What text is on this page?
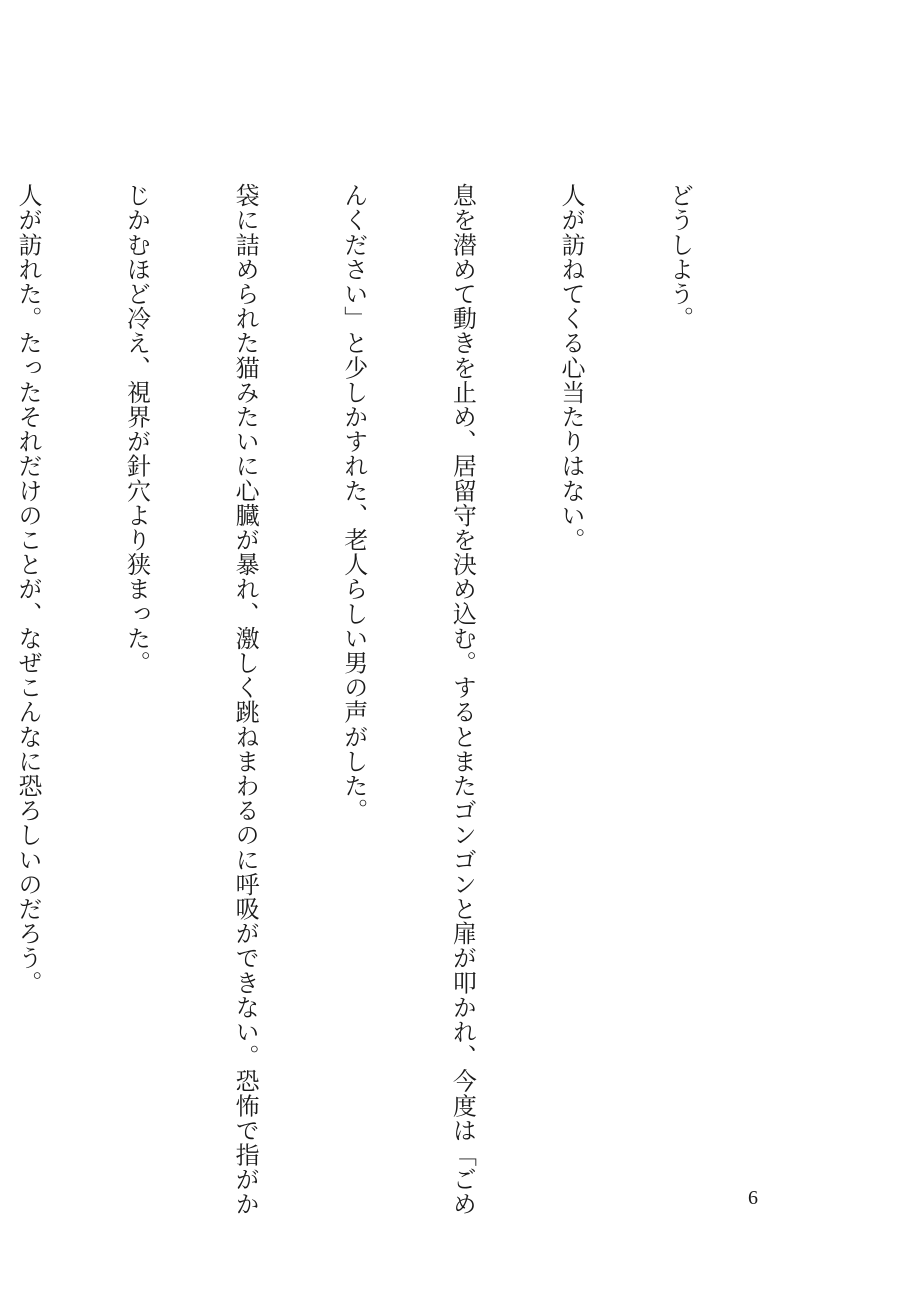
どうしよう。

人が訪ねてくる心当たりはない。

息を潜めて動きを止め、居留守を決め込む。するとまたゴンゴンと扉が叩かれ、今度は「ごめ

んください」と少しかすれた、老人らしい男の声がした。

袋に詰められた猫みたいに心臓が暴れ、激しく跳ねまわるのに呼吸ができない。恐怖で指がか

じかむほど冷え、視界が針穴より狭まった。

人が訪れた。たったそれだけのことが、なぜこんなに恐ろしいのだろう。

6
